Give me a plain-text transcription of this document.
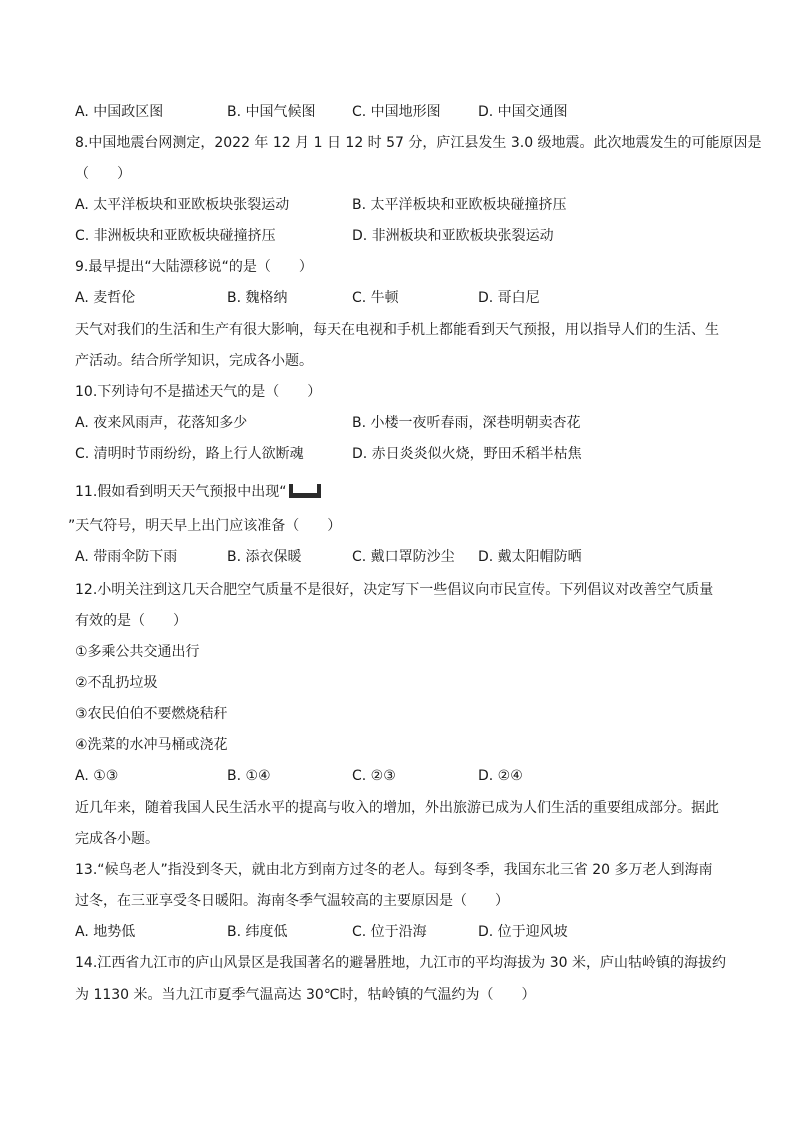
A. 中国政区图	B. 中国气候图	C. 中国地形图	D. 中国交通图
8.中国地震台网测定，2022 年 12 月 1 日 12 时 57 分，庐江县发生 3.0 级地震。此次地震发生的可能原因是
（　　）
A. 太平洋板块和亚欧板块张裂运动	B. 太平洋板块和亚欧板块碰撞挤压
C. 非洲板块和亚欧板块碰撞挤压	D. 非洲板块和亚欧板块张裂运动
9.最早提出“大陆漂移说“的是（　　）
A. 麦哲伦	B. 魏格纳	C. 牛顿	D. 哥白尼
天气对我们的生活和生产有很大影响，每天在电视和手机上都能看到天气预报，用以指导人们的生活、生
产活动。结合所学知识，完成各小题。
10.下列诗句不是描述天气的是（　　）
A. 夜来风雨声，花落知多少	B. 小楼一夜听春雨，深巷明朝卖杏花
C. 清明时节雨纷纷，路上行人欲断魂	D. 赤日炎炎似火烧，野田禾稻半枯焦
11.假如看到明天天气预报中出现“
”天气符号，明天早上出门应该准备（　　）
A. 带雨伞防下雨	B. 添衣保暖	C. 戴口罩防沙尘 D. 戴太阳帽防晒
12.小明关注到这几天合肥空气质量不是很好，决定写下一些倡议向市民宣传。下列倡议对改善空气质量
有效的是（　　）
①多乘公共交通出行
②不乱扔垃圾
③农民伯伯不要燃烧秸秆
④洗菜的水冲马桶或浇花
A. ①③	B. ①④	C. ②③	D. ②④
近几年来，随着我国人民生活水平的提高与收入的增加，外出旅游已成为人们生活的重要组成部分。据此
完成各小题。
13.“候鸟老人”指没到冬天，就由北方到南方过冬的老人。每到冬季，我国东北三省 20 多万老人到海南
过冬，在三亚享受冬日暖阳。海南冬季气温较高的主要原因是（　　）
A. 地势低	B. 纬度低	C. 位于沿海	D. 位于迎风坡
14.江西省九江市的庐山风景区是我国著名的避暑胜地，九江市的平均海拔为 30 米，庐山牯岭镇的海拔约
为 1130 米。当九江市夏季气温高达 30℃时，牯岭镇的气温约为（　　）
